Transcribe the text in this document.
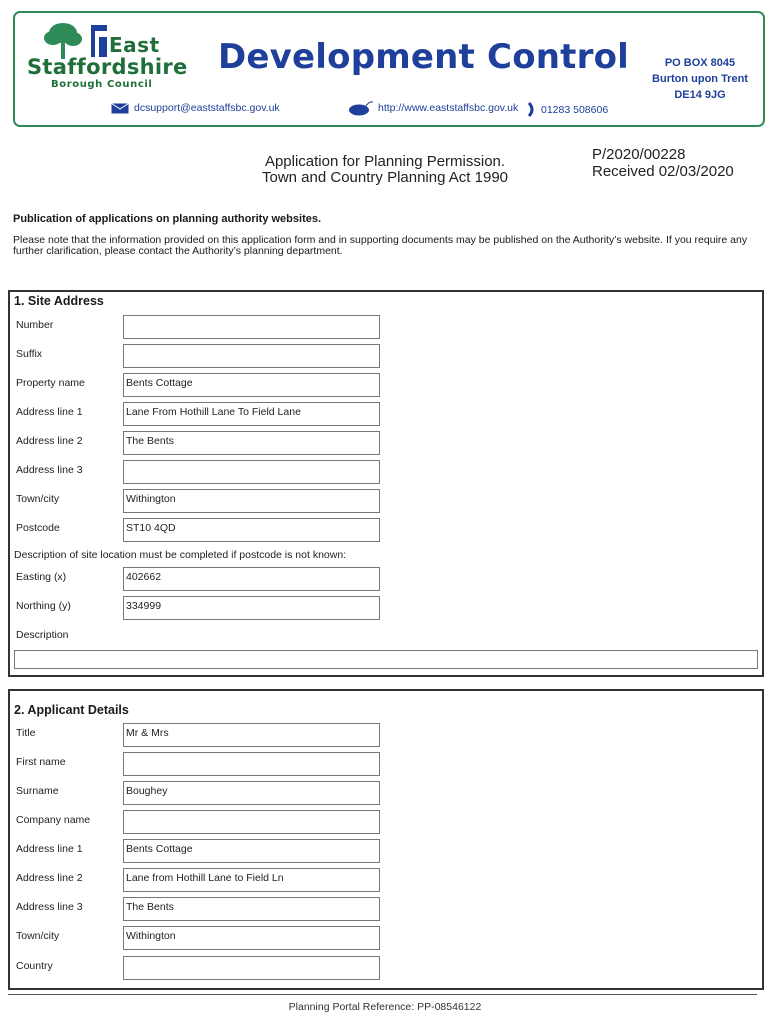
East
Staffordshire
Borough Council
Development Control	PO BOX 8045
Burton upon Trent
DE14 9JG
dcsupport@eaststaffsbc.gov.uk	http://www.eaststaffsbc.gov.uk 01283 508606
Application for Planning Permission.
Town and Country Planning Act 1990
P/2020/00228
Received 02/03/2020
Publication of applications on planning authority websites.
Please note that the information provided on this application form and in supporting documents may be published on the Authority’s website. If you require any further clarification, please contact the Authority’s planning department.
1. Site Address
Number
Suffix
Property name	Bents Cottage
Address line 1	Lane From Hothill Lane To Field Lane
Address line 2	The Bents
Address line 3
Town/city	Withington
Postcode	ST10 4QD
Description of site location must be completed if postcode is not known:
Easting (x)	402662
Northing (y)	334999
Description
2. Applicant Details
Title	Mr & Mrs
First name
Surname	Boughey
Company name
Address line 1	Bents Cottage
Address line 2	Lane from Hothill Lane to Field Ln
Address line 3	The Bents
Town/city	Withington
Country
Planning Portal Reference: PP-08546122
